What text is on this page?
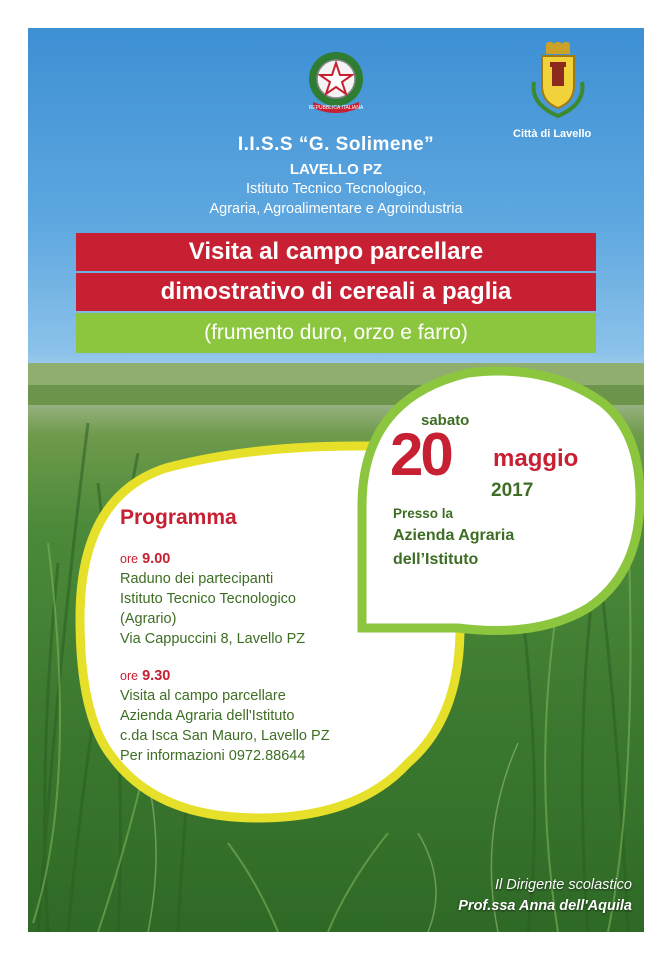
REPUBBLICA ITALIANA
Città di Lavello
I.I.S.S “G. Solimene”
LAVELLO PZ
Istituto Tecnico Tecnologico,
Agraria, Agroalimentare e Agroindustria
Visita al campo parcellare
dimostrativo di cereali a paglia
(frumento duro, orzo e farro)
sabato
20 maggio
2017
Presso la
Azienda Agraria
dell’Istituto
Programma
ore 9.00
Raduno dei partecipanti
Istituto Tecnico Tecnologico
(Agrario)
Via Cappuccini 8, Lavello PZ
ore 9.30
Visita al campo parcellare
Azienda Agraria dell'Istituto
c.da Isca San Mauro, Lavello PZ
Per informazioni 0972.88644
Il Dirigente scolastico
Prof.ssa Anna dell'Aquila
